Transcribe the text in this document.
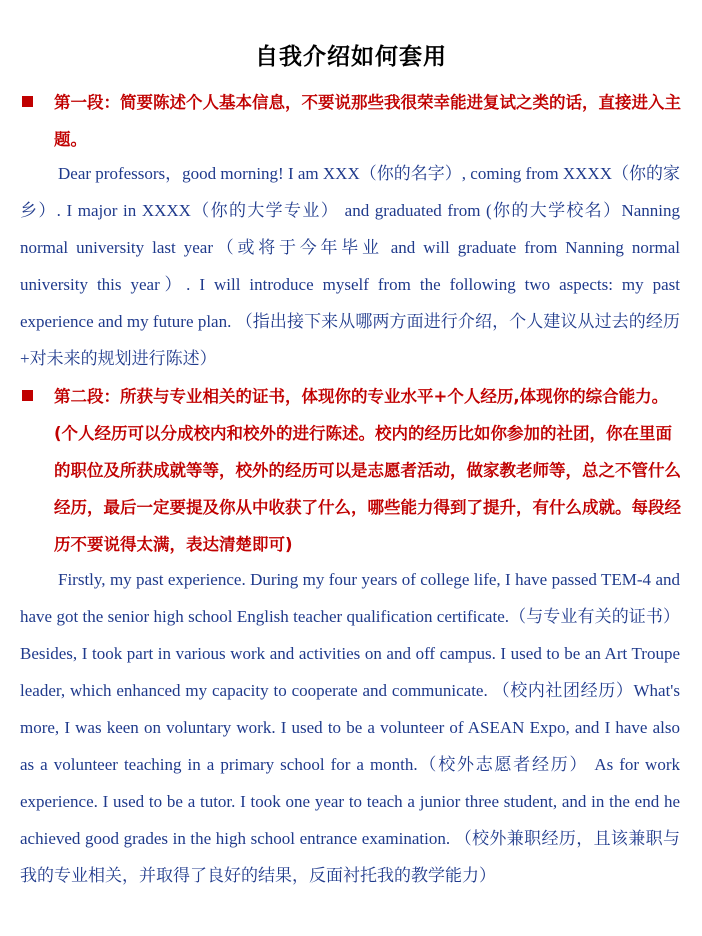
自我介绍如何套用
第一段：简要陈述个人基本信息，不要说那些我很荣幸能进复试之类的话，直接进入主题。
Dear professors，good morning! I am XXX（你的名字）, coming from XXXX（你的家乡）. I major in XXXX（你的大学专业） and graduated from (你的大学校名）Nanning normal university last year（或将于今年毕业 and will graduate from Nanning normal university this year）. I will introduce myself from the following two aspects: my past experience and my future plan. （指出接下来从哪两方面进行介绍，个人建议从过去的经历+对未来的规划进行陈述）
第二段：所获与专业相关的证书，体现你的专业水平+个人经历,体现你的综合能力。(个人经历可以分成校内和校外的进行陈述。校内的经历比如你参加的社团，你在里面的职位及所获成就等等，校外的经历可以是志愿者活动，做家教老师等，总之不管什么经历，最后一定要提及你从中收获了什么，哪些能力得到了提升，有什么成就。每段经历不要说得太满，表达清楚即可)
Firstly, my past experience. During my four years of college life, I have passed TEM-4 and have got the senior high school English teacher qualification certificate.（与专业有关的证书）Besides, I took part in various work and activities on and off campus. I used to be an Art Troupe leader, which enhanced my capacity to cooperate and communicate. （校内社团经历）What's more, I was keen on voluntary work. I used to be a volunteer of ASEAN Expo, and I have also as a volunteer teaching in a primary school for a month.（校外志愿者经历） As for work experience. I used to be a tutor. I took one year to teach a junior three student, and in the end he achieved good grades in the high school entrance examination. （校外兼职经历，且该兼职与我的专业相关，并取得了良好的结果，反面衬托我的教学能力）
